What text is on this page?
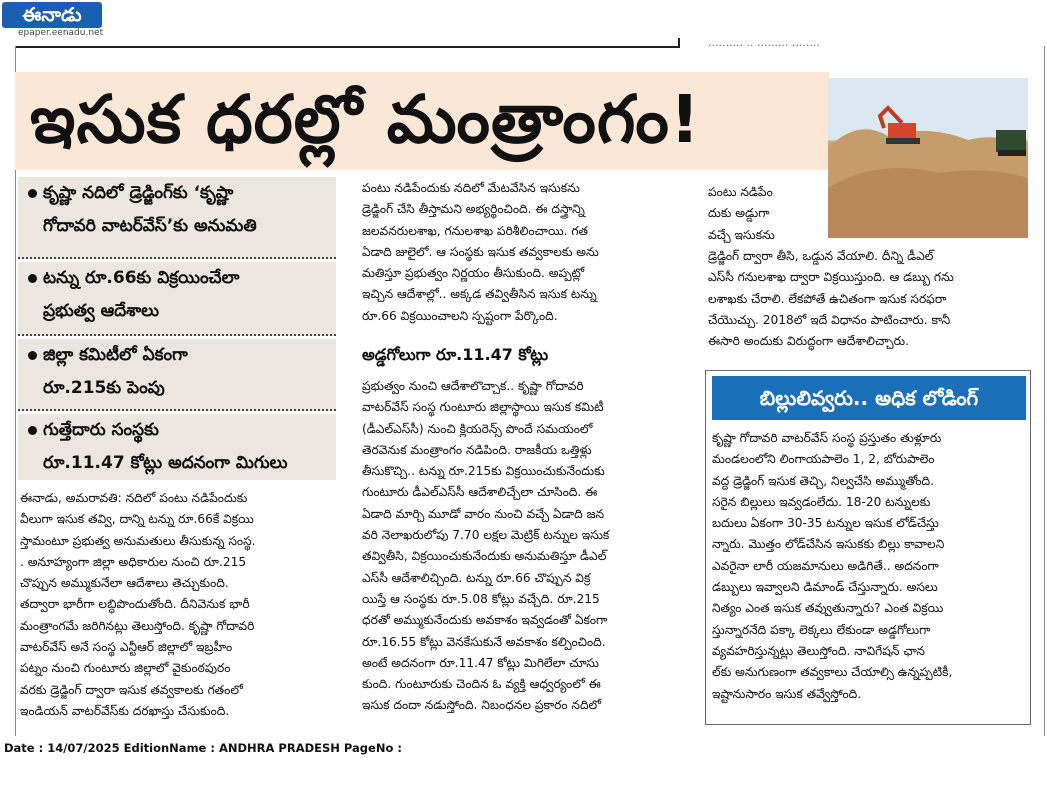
ఈనాడు
epaper.eenadu.net
.......... .. ......... ........
ఇసుక ధరల్లో మంత్రాంగం!
కృష్ణా నదిలో డ్రెడ్జింగ్‌కు ‘కృష్ణా
గోదావరి వాటర్‌వేస్‌’కు అనుమతి
టన్ను రూ.66కు విక్రయించేలా
ప్రభుత్వ ఆదేశాలు
జిల్లా కమిటీలో ఏకంగా
రూ.215కు పెంపు
గుత్తేదారు సంస్థకు
రూ.11.47 కోట్లు అదనంగా మిగులు
ఈనాడు, అమరావతి: నదిలో పంటు నడిపేందుకు
వీలుగా ఇసుక తవ్వి, దాన్ని టన్ను రూ.66కే విక్రయి
స్తామంటూ ప్రభుత్వ అనుమతులు తీసుకున్న సంస్థ.
. అనూహ్యంగా జిల్లా అధికారుల నుంచి రూ.215
చొప్పున అమ్ముకునేలా ఆదేశాలు తెచ్చుకుంది.
తద్వారా భారీగా లబ్ధిపొందుతోంది. దీనివెనుక భారీ
మంత్రాంగమే జరిగినట్లు తెలుస్తోంది. కృష్ణా గోదావరి
వాటర్‌వేస్‌ అనే సంస్థ ఎన్టీఆర్‌ జిల్లాలో ఇబ్రహీం
పట్నం నుంచి గుంటూరు జిల్లాలో వైకుంఠపురం
వరకు డ్రెడ్జింగ్‌ ద్వారా ఇసుక తవ్వకాలకు గతంలో
ఇండియన్‌ వాటర్‌వేస్‌కు దరఖాస్తు చేసుకుంది.
పంటు నడిపేందుకు నదిలో మేటవేసిన ఇసుకను
డ్రెడ్జింగ్‌ చేసి తీస్తామని అభ్యర్థించింది. ఈ దస్త్రాన్ని
జలవనరులశాఖ, గనులశాఖ పరిశీలించాయి. గత
ఏడాది జులైలో. ఆ సంస్థకు ఇసుక తవ్వకాలకు అను
మతిస్తూ ప్రభుత్వం నిర్ణయం తీసుకుంది. అప్పట్లో
ఇచ్చిన ఆదేశాల్లో.. అక్కడ తవ్వితీసిన ఇసుక టన్ను
రూ.66 విక్రయించాలని స్పష్టంగా పేర్కొంది.
అడ్డగోలుగా రూ.11.47 కోట్లు
ప్రభుత్వం నుంచి ఆదేశాలొచ్చాక.. కృష్ణా గోదావరి
వాటర్‌వేస్‌ సంస్థ గుంటూరు జిల్లాస్థాయి ఇసుక కమిటీ
(డీఎల్‌ఎస్‌సీ) నుంచి క్లియరెన్స్‌ పొందే సమయంలో
తెరవెనుక మంత్రాంగం నడిపింది. రాజకీయ ఒత్తిళ్లు
తీసుకొచ్చి.. టన్ను రూ.215కు విక్రయించుకునేందుకు
గుంటూరు డీఎల్‌ఎస్‌సీ ఆదేశాలిచ్చేలా చూసింది. ఈ
ఏడాది మార్చి మూడో వారం నుంచి వచ్చే ఏడాది జన
వరి నెలాఖరులోపు 7.70 లక్షల మెట్రిక్‌ టన్నుల ఇసుక
తవ్వితీసి, విక్రయించుకునేందుకు అనుమతిస్తూ డీఎల్‌
ఎస్‌సీ ఆదేశాలిచ్చింది. టన్ను రూ.66 చొప్పున విక్ర
యిస్తే ఆ సంస్థకు రూ.5.08 కోట్లు వచ్చేది. రూ.215
ధరతో అమ్ముకునేందుకు అవకాశం ఇవ్వడంతో ఏకంగా
రూ.16.55 కోట్లు వెనకేసుకునే అవకాశం కల్పించింది.
అంటే అదనంగా రూ.11.47 కోట్లు మిగిలేలా చూసు
కుంది. గుంటూరుకు చెందిన ఓ వ్యక్తి ఆధ్వర్యంలో ఈ
ఇసుక దందా నడుస్తోంది. నిబంధనల ప్రకారం నదిలో
పంటు నడిపేం
దుకు అడ్డుగా
వచ్చే ఇసుకను
డ్రెడ్జింగ్‌ ద్వారా తీసి, ఒడ్డున వేయాలి. దీన్ని డీఎల్‌
ఎస్‌సీ గనులశాఖ ద్వారా విక్రయిస్తుంది. ఆ డబ్బు గను
లశాఖకు చేరాలి. లేకపోతే ఉచితంగా ఇసుక సరఫరా
చేయొచ్చు. 2018లో ఇదే విధానం పాటించారు. కానీ
ఈసారి అందుకు విరుద్ధంగా ఆదేశాలిచ్చారు.
బిల్లులివ్వరు.. అధిక లోడింగ్‌
కృష్ణా గోదావరి వాటర్‌వేస్‌ సంస్థ ప్రస్తుతం తుళ్లూరు
మండలంలోని లింగాయపాలెం 1, 2, బోరుపాలెం
వద్ద డ్రెడ్జింగ్‌ ఇసుక తెచ్చి, నిల్వచేసి అమ్ముతోంది.
సరైన బిల్లులు ఇవ్వడంలేదు. 18-20 టన్నులకు
బదులు ఏకంగా 30-35 టన్నుల ఇసుక లోడ్‌చేస్తు
న్నారు. మొత్తం లోడ్‌చేసిన ఇసుకకు బిల్లు కావాలని
ఎవరైనా లారీ యజమానులు అడిగితే.. అదనంగా
డబ్బులు ఇవ్వాలని డిమాండ్‌ చేస్తున్నారు. అసలు
నిత్యం ఎంత ఇసుక తవ్వుతున్నారు? ఎంత విక్రయి
స్తున్నారనేది పక్కా లెక్కలు లేకుండా అడ్డగోలుగా
వ్యవహరిస్తున్నట్లు తెలుస్తోంది. నావిగేషన్‌ ఛాన
ల్‌కు అనుగుణంగా తవ్వకాలు చేయాల్సి ఉన్నప్పటికీ,
ఇష్టానుసారం ఇసుక తవ్వేస్తోంది.
Date : 14/07/2025 EditionName : ANDHRA PRADESH PageNo :
